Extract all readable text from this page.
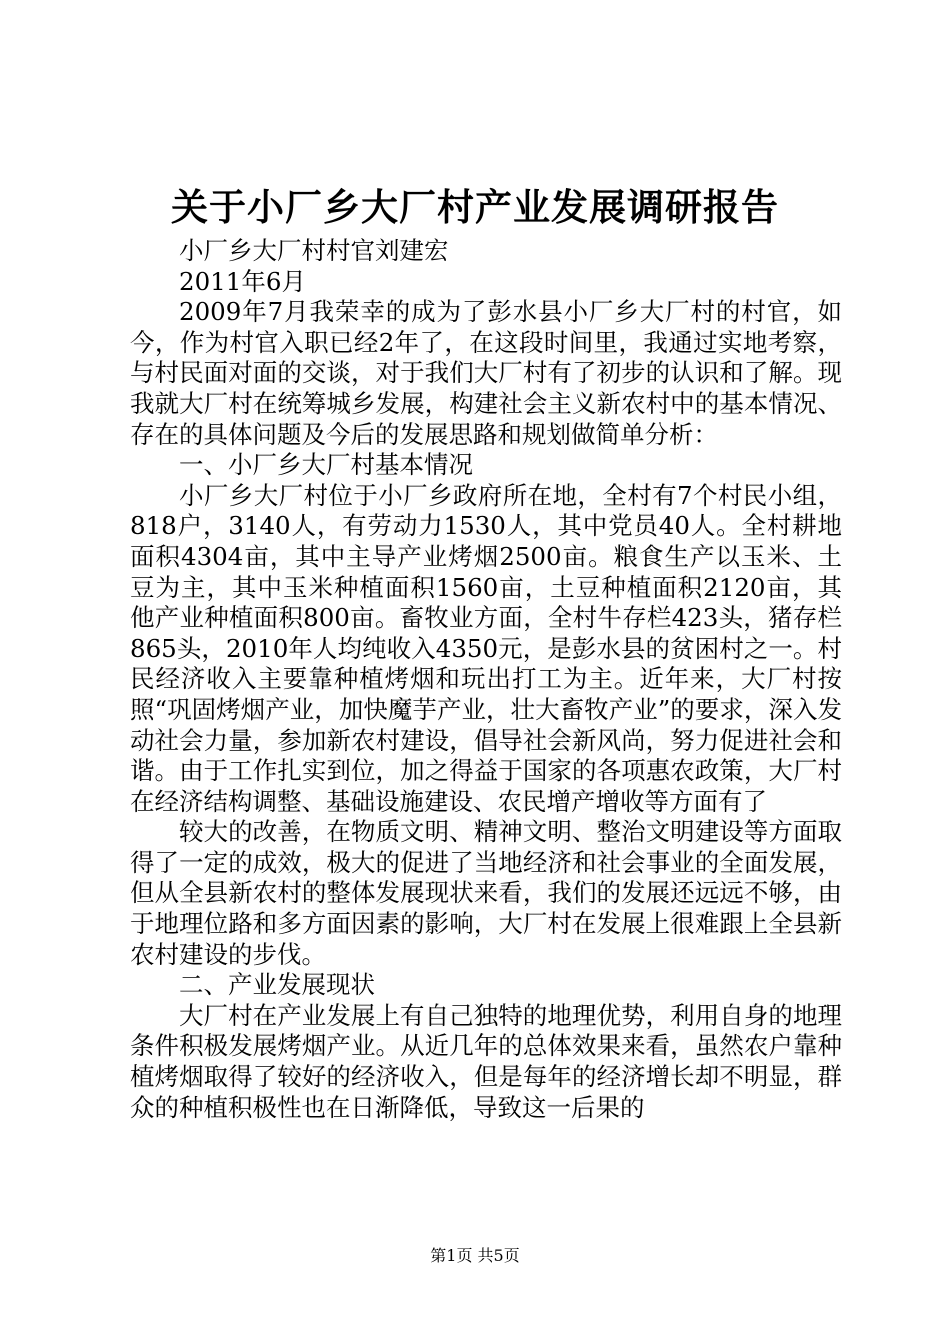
关于小厂乡大厂村产业发展调研报告

小厂乡大厂村村官刘建宏

2011年6月

2009年7月我荣幸的成为了彭水县小厂乡大厂村的村官，如今，作为村官入职已经2年了，在这段时间里，我通过实地考察，与村民面对面的交谈，对于我们大厂村有了初步的认识和了解。现我就大厂村在统筹城乡发展，构建社会主义新农村中的基本情况、存在的具体问题及今后的发展思路和规划做简单分析：

一、小厂乡大厂村基本情况

小厂乡大厂村位于小厂乡政府所在地，全村有7个村民小组，818户，3140人，有劳动力1530人，其中党员40人。全村耕地面积4304亩，其中主导产业烤烟2500亩。粮食生产以玉米、土豆为主，其中玉米种植面积1560亩，土豆种植面积2120亩，其他产业种植面积800亩。畜牧业方面，全村牛存栏423头，猪存栏865头，2010年人均纯收入4350元，是彭水县的贫困村之一。村民经济收入主要靠种植烤烟和玩出打工为主。近年来，大厂村按照“巩固烤烟产业，加快魔芋产业，壮大畜牧产业”的要求，深入发动社会力量，参加新农村建设，倡导社会新风尚，努力促进社会和谐。由于工作扎实到位，加之得益于国家的各项惠农政策，大厂村在经济结构调整、基础设施建设、农民增产增收等方面有了

较大的改善，在物质文明、精神文明、整治文明建设等方面取得了一定的成效，极大的促进了当地经济和社会事业的全面发展，但从全县新农村的整体发展现状来看，我们的发展还远远不够，由于地理位路和多方面因素的影响，大厂村在发展上很难跟上全县新农村建设的步伐。

二、产业发展现状

大厂村在产业发展上有自己独特的地理优势，利用自身的地理条件积极发展烤烟产业。从近几年的总体效果来看，虽然农户靠种植烤烟取得了较好的经济收入，但是每年的经济增长却不明显，群众的种植积极性也在日渐降低，导致这一后果的

第1页 共5页
